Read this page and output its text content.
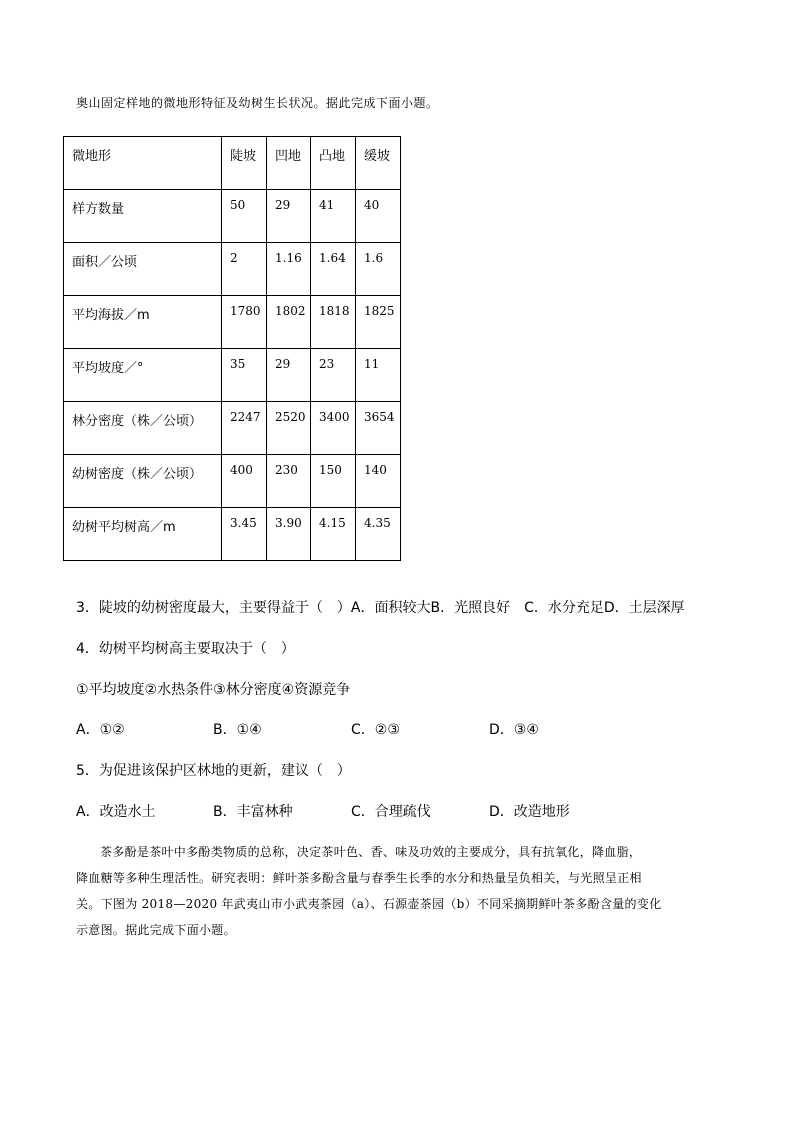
奥山固定样地的微地形特征及幼树生长状况。据此完成下面小题。
微地形	陡坡	凹地	凸地	缓坡
样方数量	50	29	41	40
面积／公顷	2	1.16	1.64	1.6
平均海拔／m	1780	1802	1818	1825
平均坡度／°	35	29	23	11
林分密度（株／公顷）	2247	2520	3400	3654
幼树密度（株／公顷）	400	230	150	140
幼树平均树高／m	3.45	3.90	4.15	4.35
3．陡坡的幼树密度最大，主要得益于（　）A．面积较大B．光照良好 C．水分充足D．土层深厚
4．幼树平均树高主要取决于（　）
①平均坡度②水热条件③林分密度④资源竞争
A．①②	B．①④	C．②③	D．③④
5．为促进该保护区林地的更新，建议（　）
A．改造水土	B．丰富林种	C．合理疏伐	D．改造地形
茶多酚是茶叶中多酚类物质的总称，决定茶叶色、香、味及功效的主要成分，具有抗氧化，降血脂，
降血糖等多种生理活性。研究表明：鲜叶茶多酚含量与春季生长季的水分和热量呈负相关，与光照呈正相
关。下图为 2018—2020 年武夷山市小武夷茶园（a）、石源壶茶园（b）不同采摘期鲜叶茶多酚含量的变化
示意图。据此完成下面小题。
